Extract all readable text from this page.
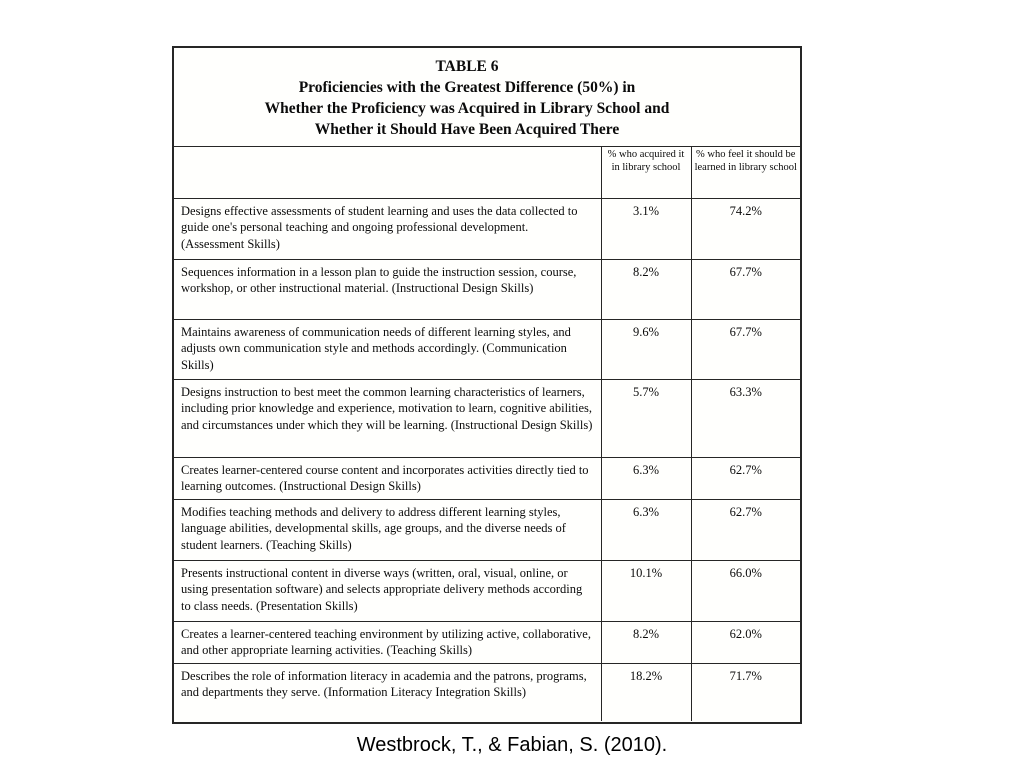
TABLE 6
Proficiencies with the Greatest Difference (50%) in
Whether the Proficiency was Acquired in Library School and
Whether it Should Have Been Acquired There
	% who acquired it in library school	% who feel it should be learned in library school
Designs effective assessments of student learning and uses the data collected to guide one's personal teaching and ongoing professional development. (Assessment Skills)	3.1%	74.2%
Sequences information in a lesson plan to guide the instruction session, course, workshop, or other instructional material. (Instructional Design Skills)	8.2%	67.7%
Maintains awareness of communication needs of different learning styles, and adjusts own communication style and methods accordingly. (Communication Skills)	9.6%	67.7%
Designs instruction to best meet the common learning characteristics of learners, including prior knowledge and experience, motivation to learn, cognitive abilities, and circumstances under which they will be learning. (Instructional Design Skills)	5.7%	63.3%
Creates learner-centered course content and incorporates activities directly tied to learning outcomes. (Instructional Design Skills)	6.3%	62.7%
Modifies teaching methods and delivery to address different learning styles, language abilities, developmental skills, age groups, and the diverse needs of student learners. (Teaching Skills)	6.3%	62.7%
Presents instructional content in diverse ways (written, oral, visual, online, or using presentation software) and selects appropriate delivery methods according to class needs. (Presentation Skills)	10.1%	66.0%
Creates a learner-centered teaching environment by utilizing active, collaborative, and other appropriate learning activities. (Teaching Skills)	8.2%	62.0%
Describes the role of information literacy in academia and the patrons, programs, and departments they serve. (Information Literacy Integration Skills)	18.2%	71.7%
Westbrock, T., & Fabian, S. (2010).
